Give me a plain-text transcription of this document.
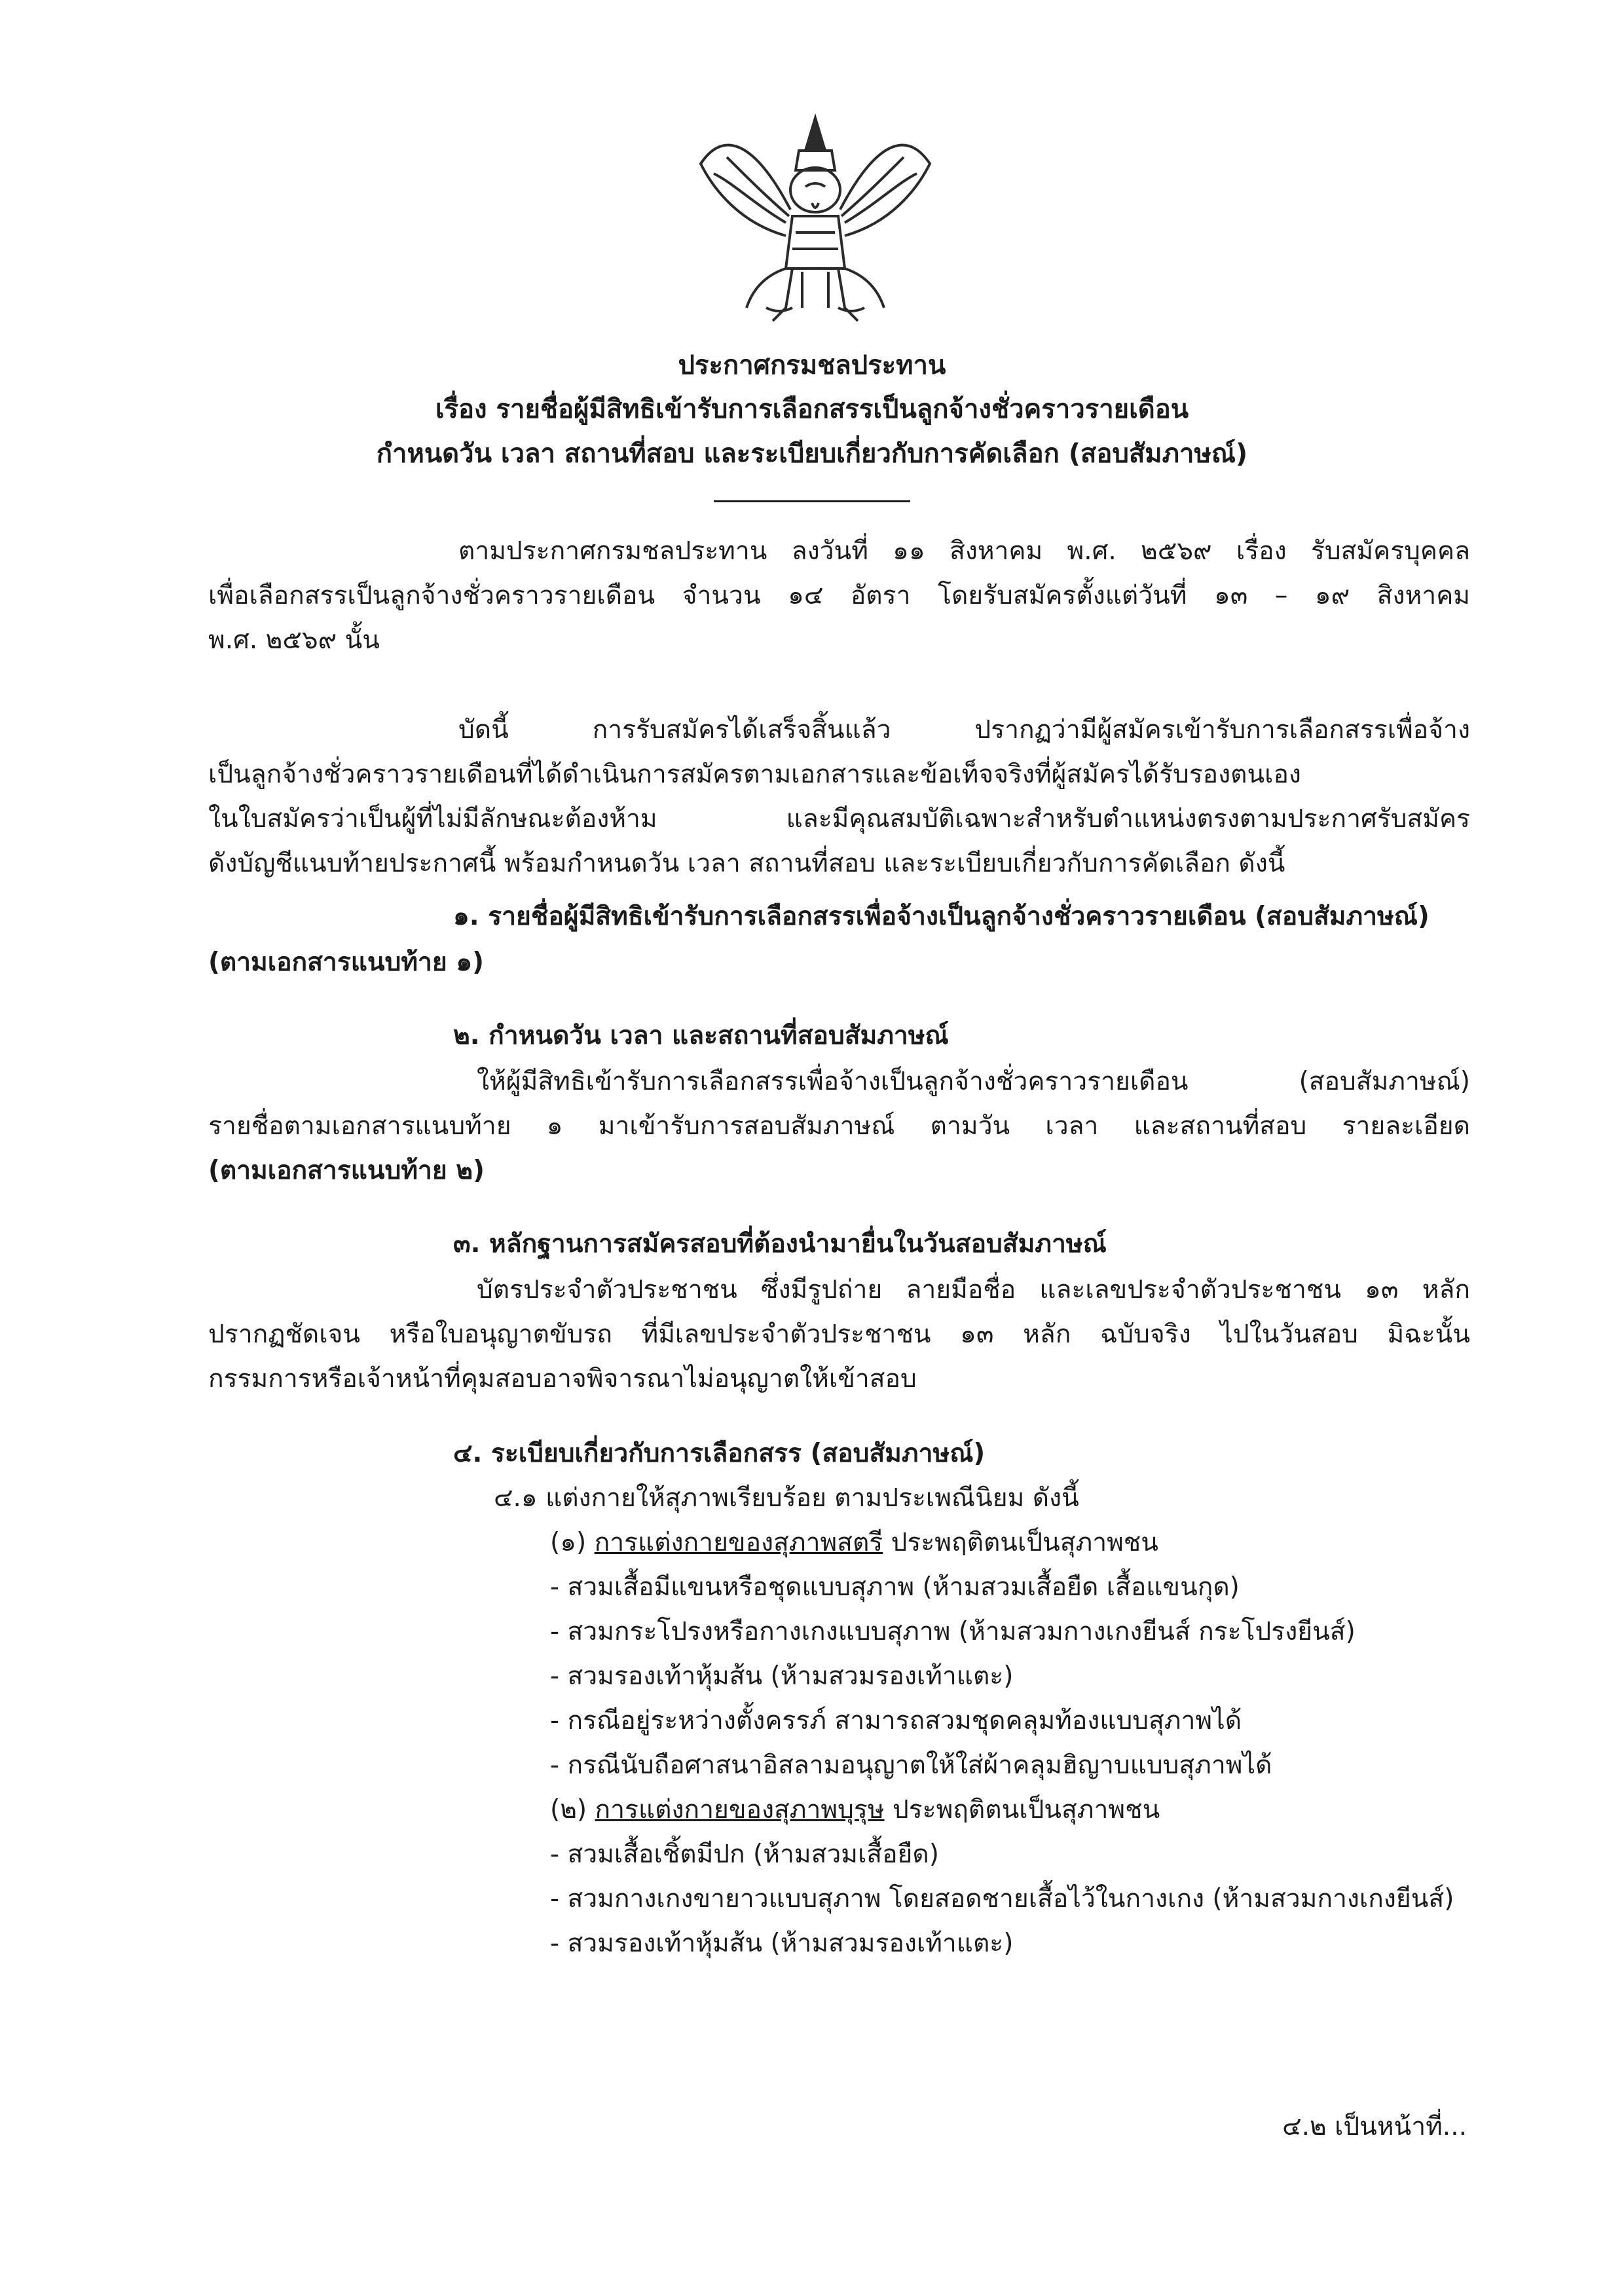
ประกาศกรมชลประทาน
เรื่อง รายชื่อผู้มีสิทธิเข้ารับการเลือกสรรเป็นลูกจ้างชั่วคราวรายเดือน
กำหนดวัน เวลา สถานที่สอบ และระเบียบเกี่ยวกับการคัดเลือก (สอบสัมภาษณ์)
ตามประกาศกรมชลประทาน ลงวันที่ ๑๑ สิงหาคม พ.ศ. ๒๕๖๙ เรื่อง รับสมัครบุคคล
เพื่อเลือกสรรเป็นลูกจ้างชั่วคราวรายเดือน จำนวน ๑๔ อัตรา โดยรับสมัครตั้งแต่วันที่ ๑๓ – ๑๙ สิงหาคม
พ.ศ. ๒๕๖๙ นั้น
บัดนี้ การรับสมัครได้เสร็จสิ้นแล้ว ปรากฏว่ามีผู้สมัครเข้ารับการเลือกสรรเพื่อจ้าง
เป็นลูกจ้างชั่วคราวรายเดือนที่ได้ดำเนินการสมัครตามเอกสารและข้อเท็จจริงที่ผู้สมัครได้รับรองตนเอง
ในใบสมัครว่าเป็นผู้ที่ไม่มีลักษณะต้องห้าม และมีคุณสมบัติเฉพาะสำหรับตำแหน่งตรงตามประกาศรับสมัคร
ดังบัญชีแนบท้ายประกาศนี้ พร้อมกำหนดวัน เวลา สถานที่สอบ และระเบียบเกี่ยวกับการคัดเลือก ดังนี้
๑. รายชื่อผู้มีสิทธิเข้ารับการเลือกสรรเพื่อจ้างเป็นลูกจ้างชั่วคราวรายเดือน (สอบสัมภาษณ์)
(ตามเอกสารแนบท้าย ๑)
๒. กำหนดวัน เวลา และสถานที่สอบสัมภาษณ์
ให้ผู้มีสิทธิเข้ารับการเลือกสรรเพื่อจ้างเป็นลูกจ้างชั่วคราวรายเดือน (สอบสัมภาษณ์)
รายชื่อตามเอกสารแนบท้าย ๑ มาเข้ารับการสอบสัมภาษณ์ ตามวัน เวลา และสถานที่สอบ รายละเอียด
(ตามเอกสารแนบท้าย ๒)
๓. หลักฐานการสมัครสอบที่ต้องนำมายื่นในวันสอบสัมภาษณ์
บัตรประจำตัวประชาชน ซึ่งมีรูปถ่าย ลายมือชื่อ และเลขประจำตัวประชาชน ๑๓ หลัก
ปรากฏชัดเจน หรือใบอนุญาตขับรถ ที่มีเลขประจำตัวประชาชน ๑๓ หลัก ฉบับจริง ไปในวันสอบ มิฉะนั้น
กรรมการหรือเจ้าหน้าที่คุมสอบอาจพิจารณาไม่อนุญาตให้เข้าสอบ
๔. ระเบียบเกี่ยวกับการเลือกสรร (สอบสัมภาษณ์)
๔.๑ แต่งกายให้สุภาพเรียบร้อย ตามประเพณีนิยม ดังนี้
(๑) การแต่งกายของสุภาพสตรี ประพฤติตนเป็นสุภาพชน
- สวมเสื้อมีแขนหรือชุดแบบสุภาพ (ห้ามสวมเสื้อยืด เสื้อแขนกุด)
- สวมกระโปรงหรือกางเกงแบบสุภาพ (ห้ามสวมกางเกงยีนส์ กระโปรงยีนส์)
- สวมรองเท้าหุ้มส้น (ห้ามสวมรองเท้าแตะ)
- กรณีอยู่ระหว่างตั้งครรภ์ สามารถสวมชุดคลุมท้องแบบสุภาพได้
- กรณีนับถือศาสนาอิสลามอนุญาตให้ใส่ผ้าคลุมฮิญาบแบบสุภาพได้
(๒) การแต่งกายของสุภาพบุรุษ ประพฤติตนเป็นสุภาพชน
- สวมเสื้อเชิ้ตมีปก (ห้ามสวมเสื้อยืด)
- สวมกางเกงขายาวแบบสุภาพ โดยสอดชายเสื้อไว้ในกางเกง (ห้ามสวมกางเกงยีนส์)
- สวมรองเท้าหุ้มส้น (ห้ามสวมรองเท้าแตะ)
๔.๒ เป็นหน้าที่...
